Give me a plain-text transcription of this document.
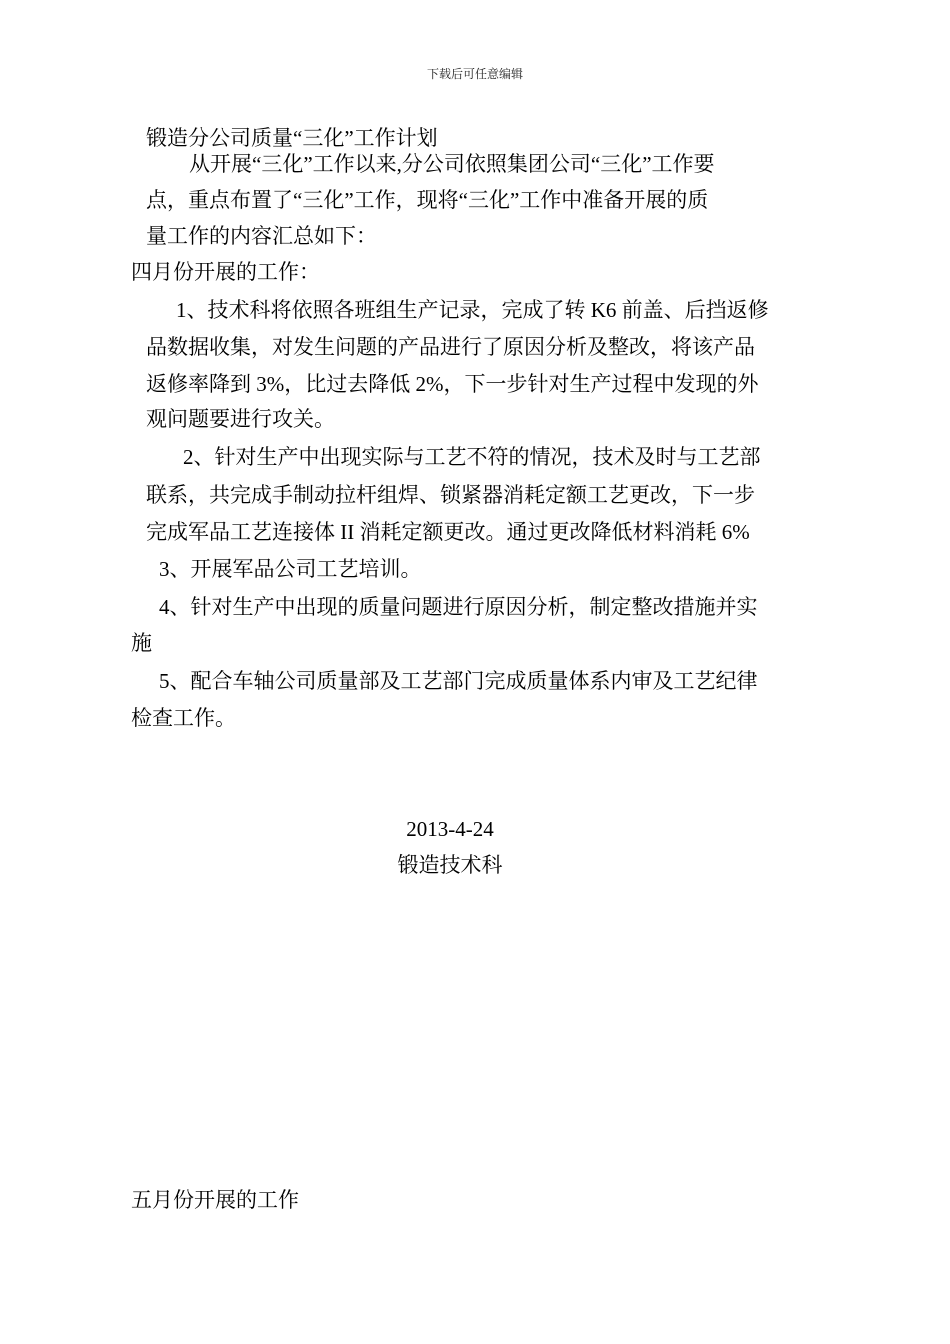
下载后可任意编辑
锻造分公司质量“三化”工作计划
从开展“三化”工作以来,分公司依照集团公司“三化”工作要
点，重点布置了“三化”工作，现将“三化”工作中准备开展的质
量工作的内容汇总如下：
四月份开展的工作：
1、技术科将依照各班组生产记录，完成了转 K6 前盖、后挡返修
品数据收集，对发生问题的产品进行了原因分析及整改，将该产品
返修率降到 3%，比过去降低 2%，下一步针对生产过程中发现的外
观问题要进行攻关。
2、针对生产中出现实际与工艺不符的情况，技术及时与工艺部
联系，共完成手制动拉杆组焊、锁紧器消耗定额工艺更改，下一步
完成军品工艺连接体 II 消耗定额更改。通过更改降低材料消耗 6%
3、开展军品公司工艺培训。
4、针对生产中出现的质量问题进行原因分析，制定整改措施并实
施
5、配合车轴公司质量部及工艺部门完成质量体系内审及工艺纪律
检查工作。
2013-4-24
锻造技术科
五月份开展的工作
